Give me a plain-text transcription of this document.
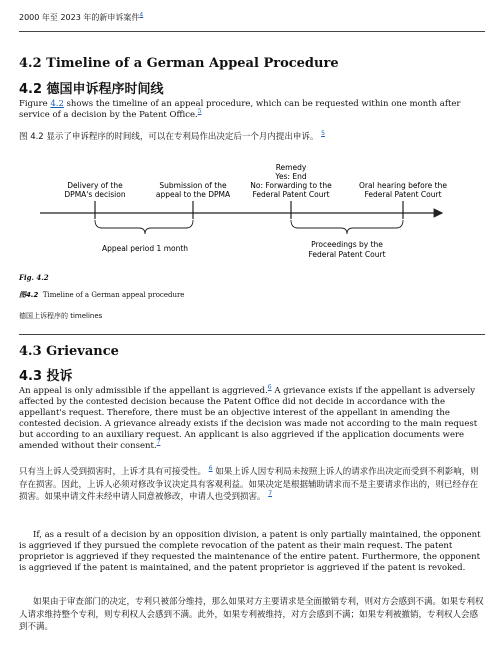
2000 年至 2023 年的新申诉案件$^4$
4.2 Timeline of a German Appeal Procedure
4.2 德国申诉程序时间线
Figure 4.2 shows the timeline of an appeal procedure, which can be requested within one month after service of a decision by the Patent Office.$^5$
图 4.2 显示了申诉程序的时间线，可以在专利局作出决定后一个月内提出申诉。 $^5$
Delivery of the
DPMA's decision
Submission of the
appeal to the DPMA
Remedy
Yes: End
No: Forwarding to the
Federal Patent Court
Oral hearing before the
Federal Patent Court
Appeal period 1 month	Proceedings by the
Federal Patent Court
Fig. 4.2
图4.2 Timeline of a German appeal procedure
德国上诉程序的 timelines
4.3 Grievance
4.3 投诉
An appeal is only admissible if the appellant is aggrieved.$^6$ A grievance exists if the appellant is adversely affected by the contested decision because the Patent Office did not decide in accordance with the appellant's request. Therefore, there must be an objective interest of the appellant in amending the contested decision. A grievance already exists if the decision was made not according to the main request but according to an auxiliary request. An applicant is also aggrieved if the application documents were amended without their consent.$^7$
只有当上诉人受到损害时，上诉才具有可接受性。 $^6$ 如果上诉人因专利局未按照上诉人的请求作出决定而受到不利影响，则存在损害。因此，上诉人必须对修改争议决定具有客观利益。如果决定是根据辅助请求而不是主要请求作出的，则已经存在损害。如果申请文件未经申请人同意被修改，申请人也受到损害。 $^7$
If, as a result of a decision by an opposition division, a patent is only partially maintained, the opponent is aggrieved if they pursued the complete revocation of the patent as their main request. The patent proprietor is aggrieved if they requested the maintenance of the entire patent. Furthermore, the opponent is aggrieved if the patent is maintained, and the patent proprietor is aggrieved if the patent is revoked.
如果由于审查部门的决定，专利只被部分维持，那么如果对方主要请求是全面撤销专利，则对方会感到不满。如果专利权人请求维持整个专利，则专利权人会感到不满。此外，如果专利被维持，对方会感到不满；如果专利被撤销，专利权人会感到不满。
